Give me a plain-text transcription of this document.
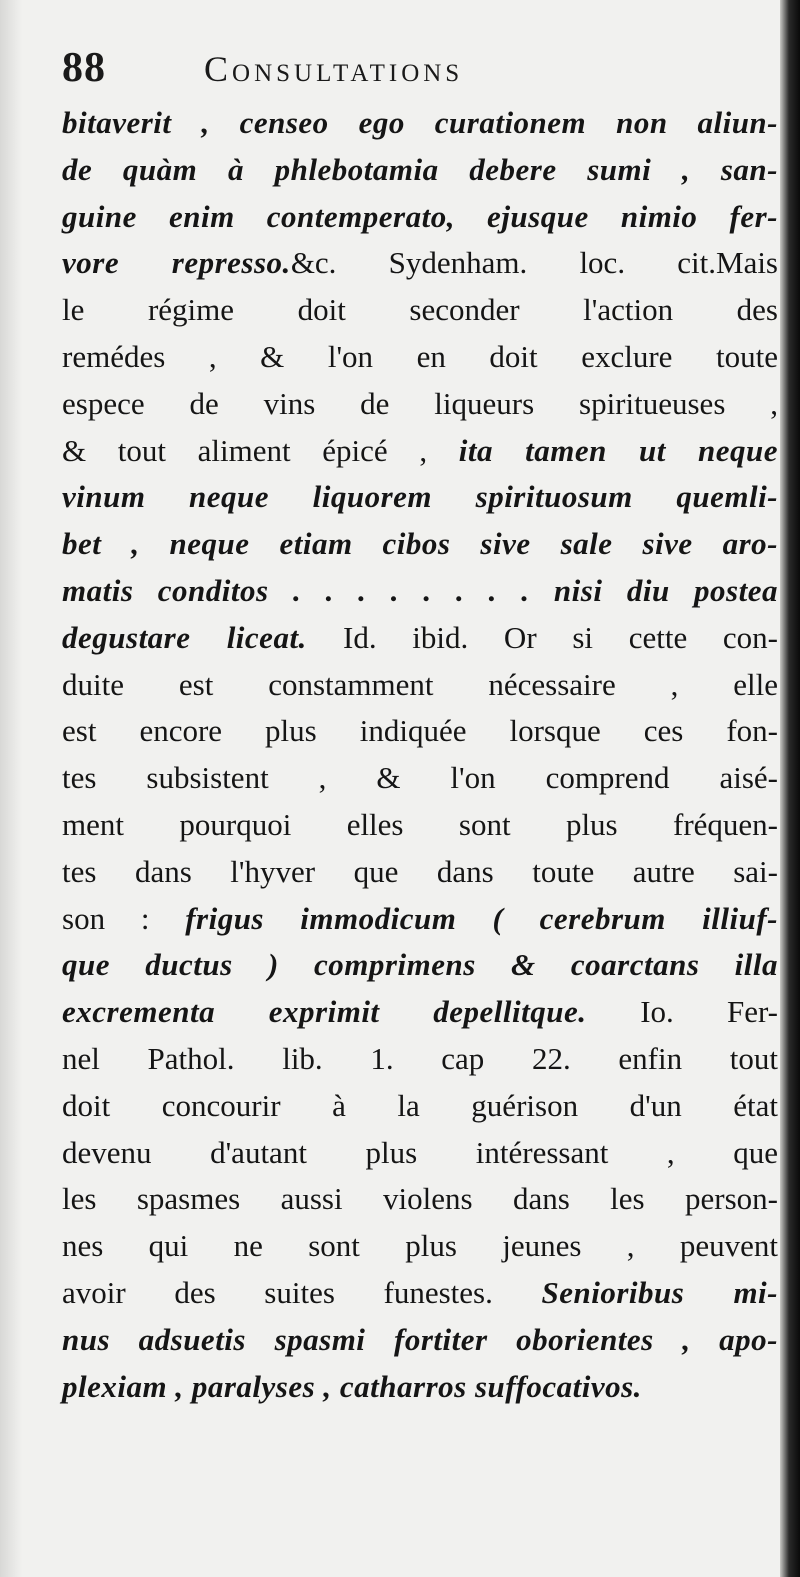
88	Consultations
bitaverit , censeo ego curationem non aliun-
de quàm à phlebotamia debere sumi , san-
guine enim contemperato, ejusque nimio fer-
vore represso.&c. Sydenham. loc. cit.Mais
le régime doit seconder l'action des
remédes , & l'on en doit exclure toute
espece de vins de liqueurs spiritueuses ,
& tout aliment épicé , ita tamen ut neque
vinum neque liquorem spirituosum quemli-
bet , neque etiam cibos sive sale sive aro-
matis conditos . . . . . . . . nisi diu postea
degustare liceat. Id. ibid. Or si cette con-
duite est constamment nécessaire , elle
est encore plus indiquée lorsque ces fon-
tes subsistent , & l'on comprend aisé-
ment pourquoi elles sont plus fréquen-
tes dans l'hyver que dans toute autre sai-
son : frigus immodicum ( cerebrum illiuf-
que ductus ) comprimens & coarctans illa
excrementa exprimit depellitque. Io. Fer-
nel Pathol. lib. 1. cap 22. enfin tout
doit concourir à la guérison d'un état
devenu d'autant plus intéressant , que
les spasmes aussi violens dans les person-
nes qui ne sont plus jeunes , peuvent
avoir des suites funestes. Senioribus mi-
nus adsuetis spasmi fortiter oborientes , apo-
plexiam , paralyses , catharros suffocativos.
